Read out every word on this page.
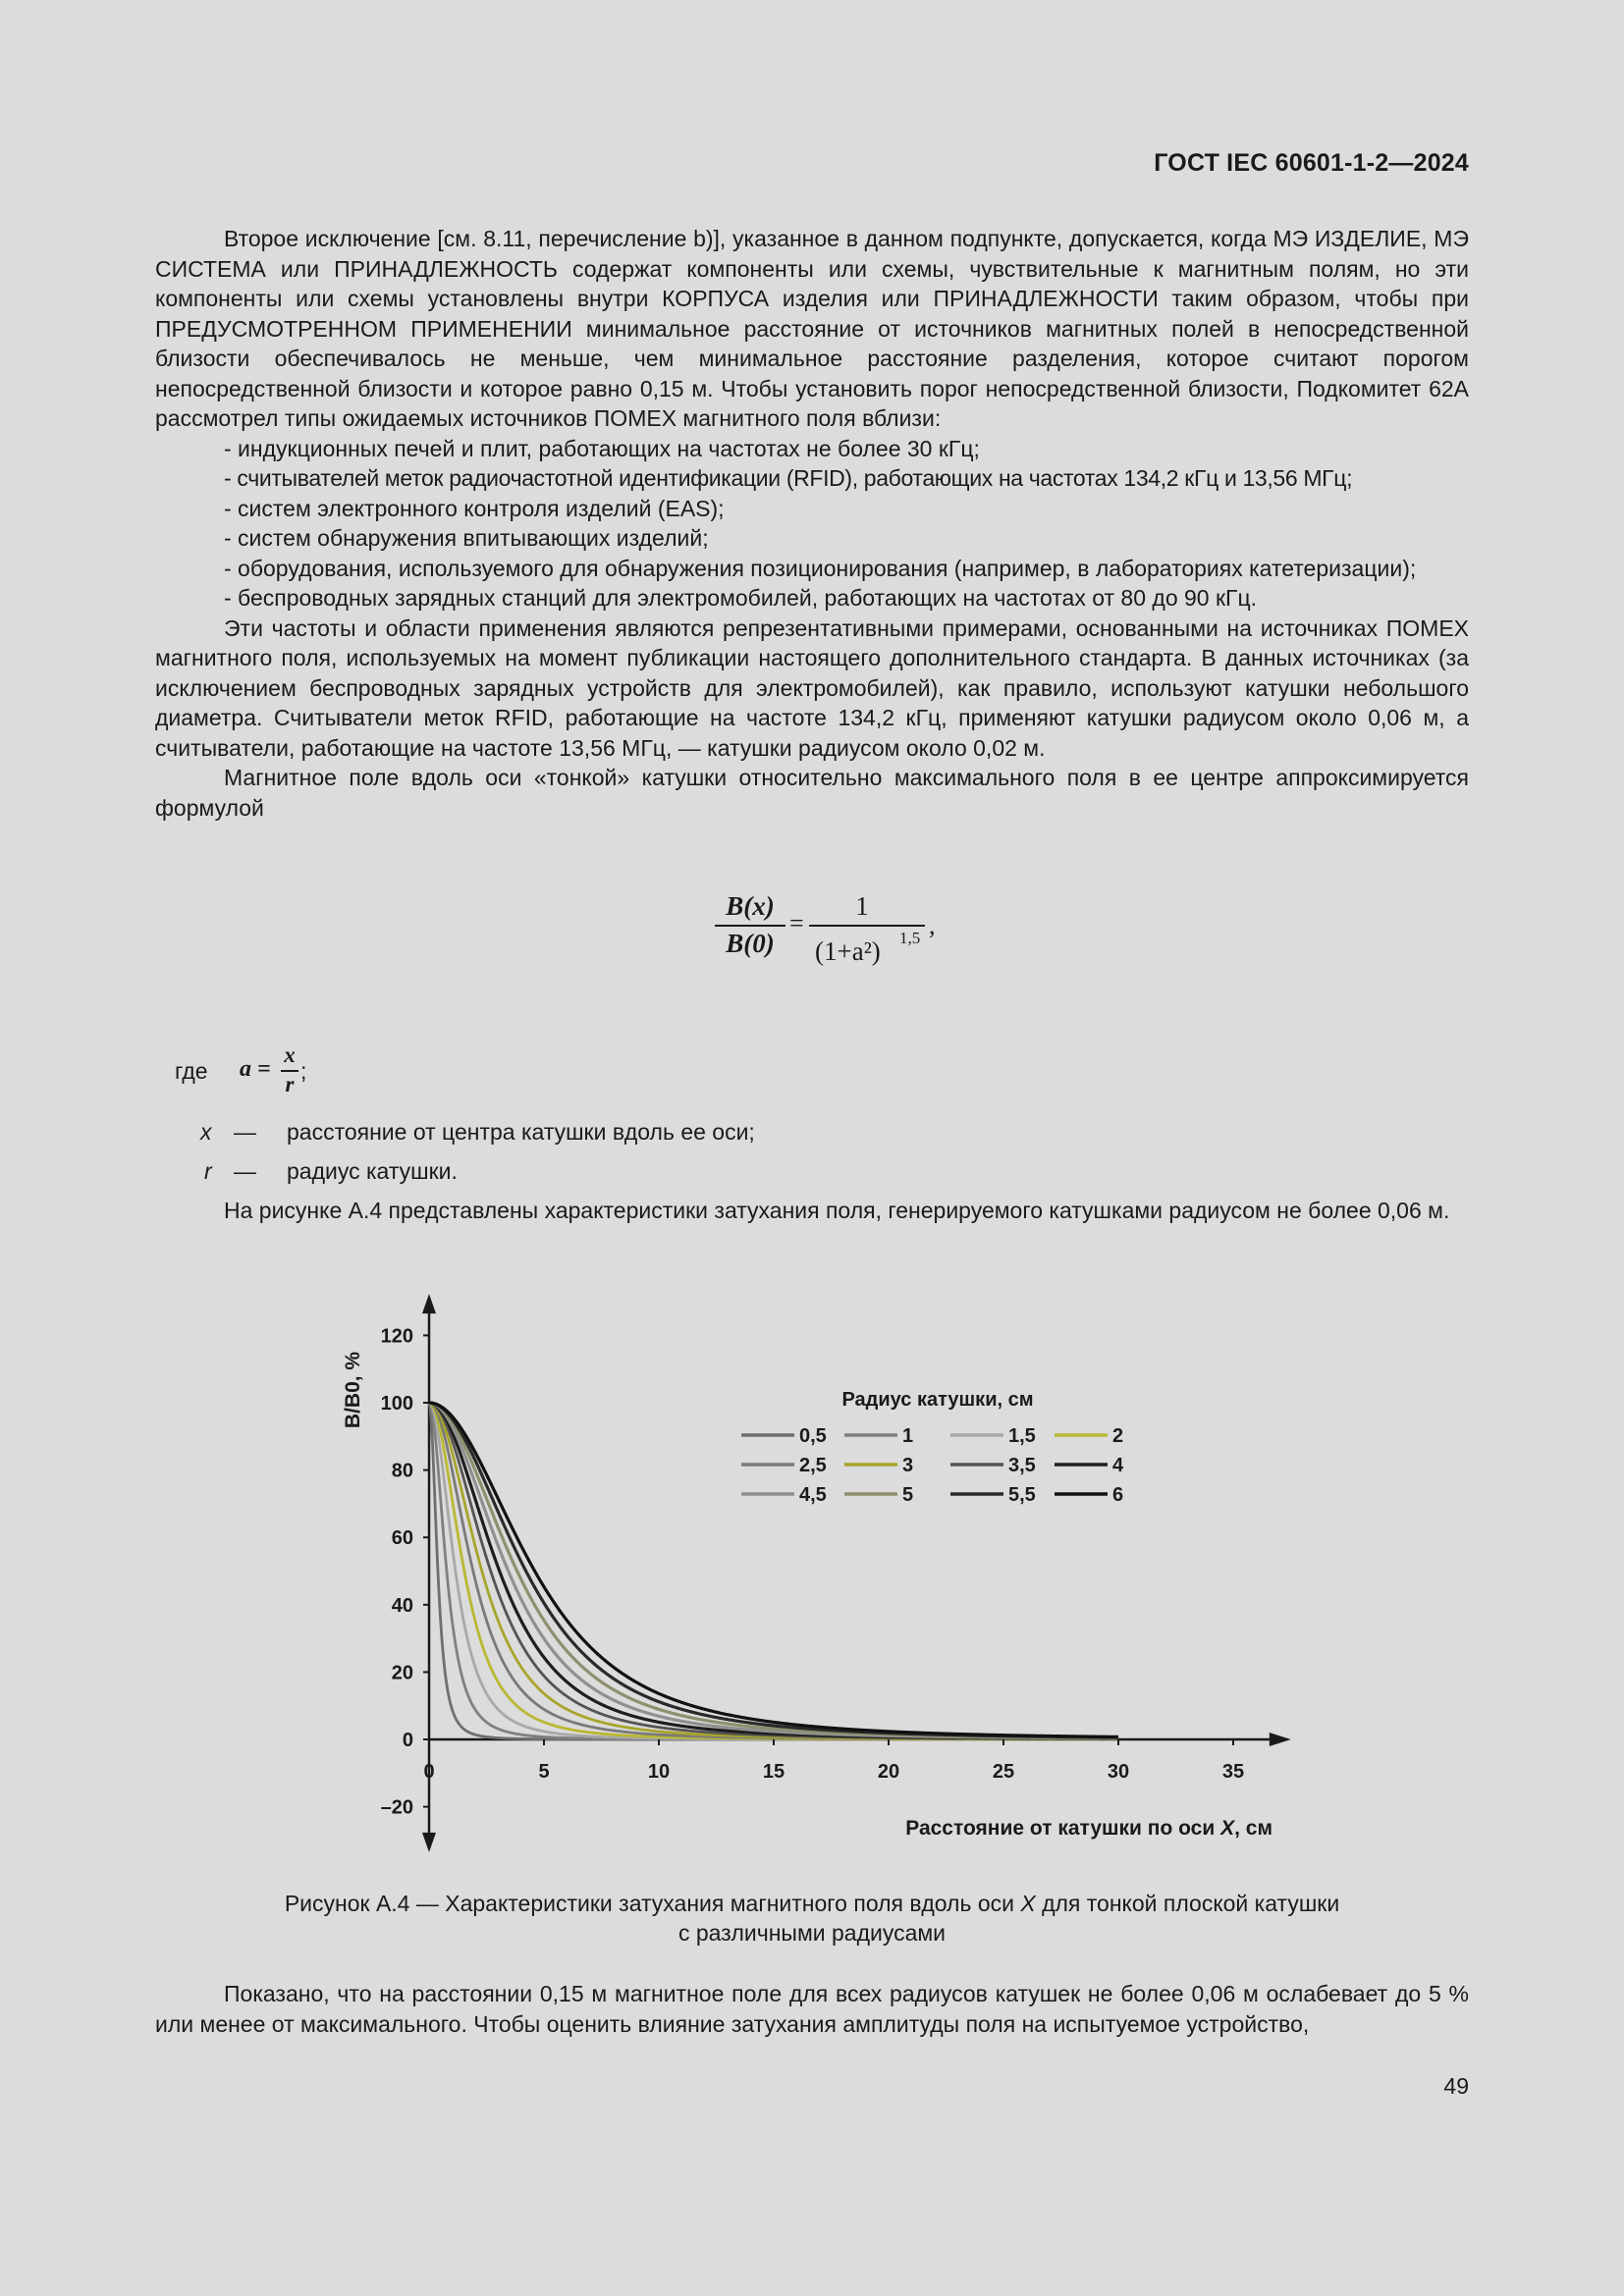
ГОСТ IEC 60601-1-2—2024

Второе исключение [см. 8.11, перечисление b)], указанное в данном подпункте, допускается, когда МЭ ИЗДЕЛИЕ, МЭ СИСТЕМА или ПРИНАДЛЕЖНОСТЬ содержат компоненты или схемы, чувствительные к магнитным полям, но эти компоненты или схемы установлены внутри КОРПУСА изделия или ПРИНАДЛЕЖНОСТИ таким образом, чтобы при ПРЕДУСМОТРЕННОМ ПРИМЕНЕНИИ минимальное расстояние от источников магнитных полей в непосредственной близости обеспечивалось не меньше, чем минимальное расстояние разделения, которое считают порогом непосредственной близости и которое равно 0,15 м. Чтобы установить порог непосредственной близости, Подкомитет 62А рассмотрел типы ожидаемых источников ПОМЕХ магнитного поля вблизи:

- индукционных печей и плит, работающих на частотах не более 30 кГц;

- считывателей меток радиочастотной идентификации (RFID), работающих на частотах 134,2 кГц и 13,56 МГц;

- систем электронного контроля изделий (EAS);

- систем обнаружения впитывающих изделий;

- оборудования, используемого для обнаружения позиционирования (например, в лабораториях катетеризации);

- беспроводных зарядных станций для электромобилей, работающих на частотах от 80 до 90 кГц.

Эти частоты и области применения являются репрезентативными примерами, основанными на источниках ПОМЕХ магнитного поля, используемых на момент публикации настоящего дополнительного стандарта. В данных источниках (за исключением беспроводных зарядных устройств для электромобилей), как правило, используют катушки небольшого диаметра. Считыватели меток RFID, работающие на частоте 134,2 кГц, применяют катушки радиусом около 0,06 м, а считыватели, работающие на частоте 13,56 МГц, — катушки радиусом около 0,02 м.

Магнитное поле вдоль оси «тонкой» катушки относительно максимального поля в ее центре аппроксимируется формулой

B(x)
B(0)
=
1
(1+a²) 1,5 ,
где a =
x
r
;
x — расстояние от центра катушки вдоль ее оси;
r — радиус катушки.

На рисунке А.4 представлены характеристики затухания поля, генерируемого катушками радиусом не более 0,06 м.

0	5	10	15	20	25	30	35
–20
0
20
40
60
80
100
120
Радиус катушки, см
0,5	1	1,5	2
2,5	3	3,5	4
4,5	5	5,5	6
B/B0, %
Расстояние от катушки по оси X, см
Рисунок А.4 — Характеристики затухания магнитного поля вдоль оси X для тонкой плоской катушки
с различными радиусами

Показано, что на расстоянии 0,15 м магнитное поле для всех радиусов катушек не более 0,06 м ослабевает до 5 % или менее от максимального. Чтобы оценить влияние затухания амплитуды поля на испытуемое устройство,

49
